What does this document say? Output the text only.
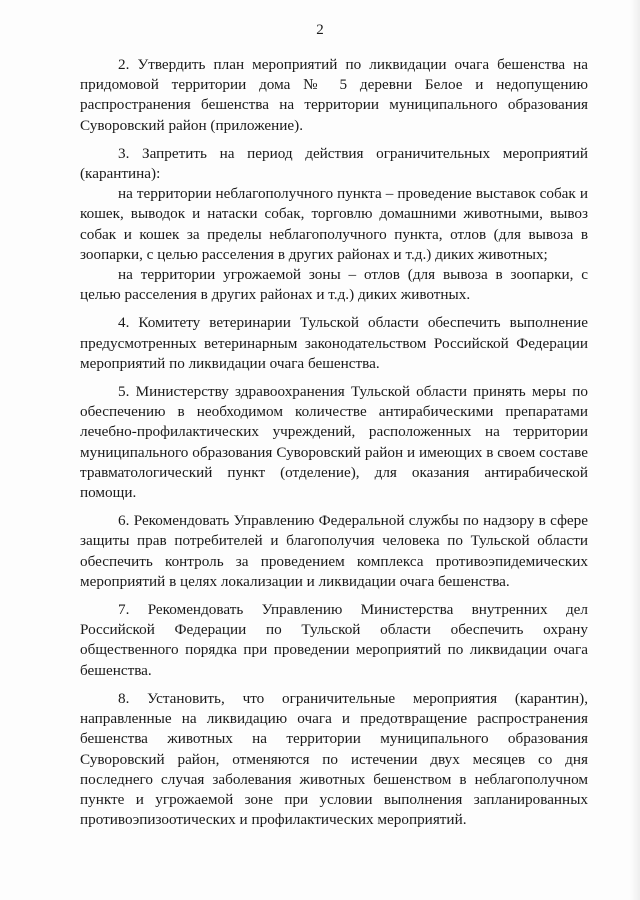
2

2. Утвердить план мероприятий по ликвидации очага бешенства на придомовой территории дома № 5 деревни Белое и недопущению распространения бешенства на территории муниципального образования Суворовский район (приложение).

3. Запретить на период действия ограничительных мероприятий (карантина):

на территории неблагополучного пункта – проведение выставок собак и кошек, выводок и натаски собак, торговлю домашними животными, вывоз собак и кошек за пределы неблагополучного пункта, отлов (для вывоза в зоопарки, с целью расселения в других районах и т.д.) диких животных;

на территории угрожаемой зоны – отлов (для вывоза в зоопарки, с целью расселения в других районах и т.д.) диких животных.

4. Комитету ветеринарии Тульской области обеспечить выполнение предусмотренных ветеринарным законодательством Российской Федерации мероприятий по ликвидации очага бешенства.

5. Министерству здравоохранения Тульской области принять меры по обеспечению в необходимом количестве антирабическими препаратами лечебно-профилактических учреждений, расположенных на территории муниципального образования Суворовский район и имеющих в своем составе травматологический пункт (отделение), для оказания антирабической помощи.

6. Рекомендовать Управлению Федеральной службы по надзору в сфере защиты прав потребителей и благополучия человека по Тульской области обеспечить контроль за проведением комплекса противоэпидемических мероприятий в целях локализации и ликвидации очага бешенства.

7. Рекомендовать Управлению Министерства внутренних дел Российской Федерации по Тульской области обеспечить охрану общественного порядка при проведении мероприятий по ликвидации очага бешенства.

8. Установить, что ограничительные мероприятия (карантин), направленные на ликвидацию очага и предотвращение распространения бешенства животных на территории муниципального образования Суворовский район, отменяются по истечении двух месяцев со дня последнего случая заболевания животных бешенством в неблагополучном пункте и угрожаемой зоне при условии выполнения запланированных противоэпизоотических и профилактических мероприятий.
